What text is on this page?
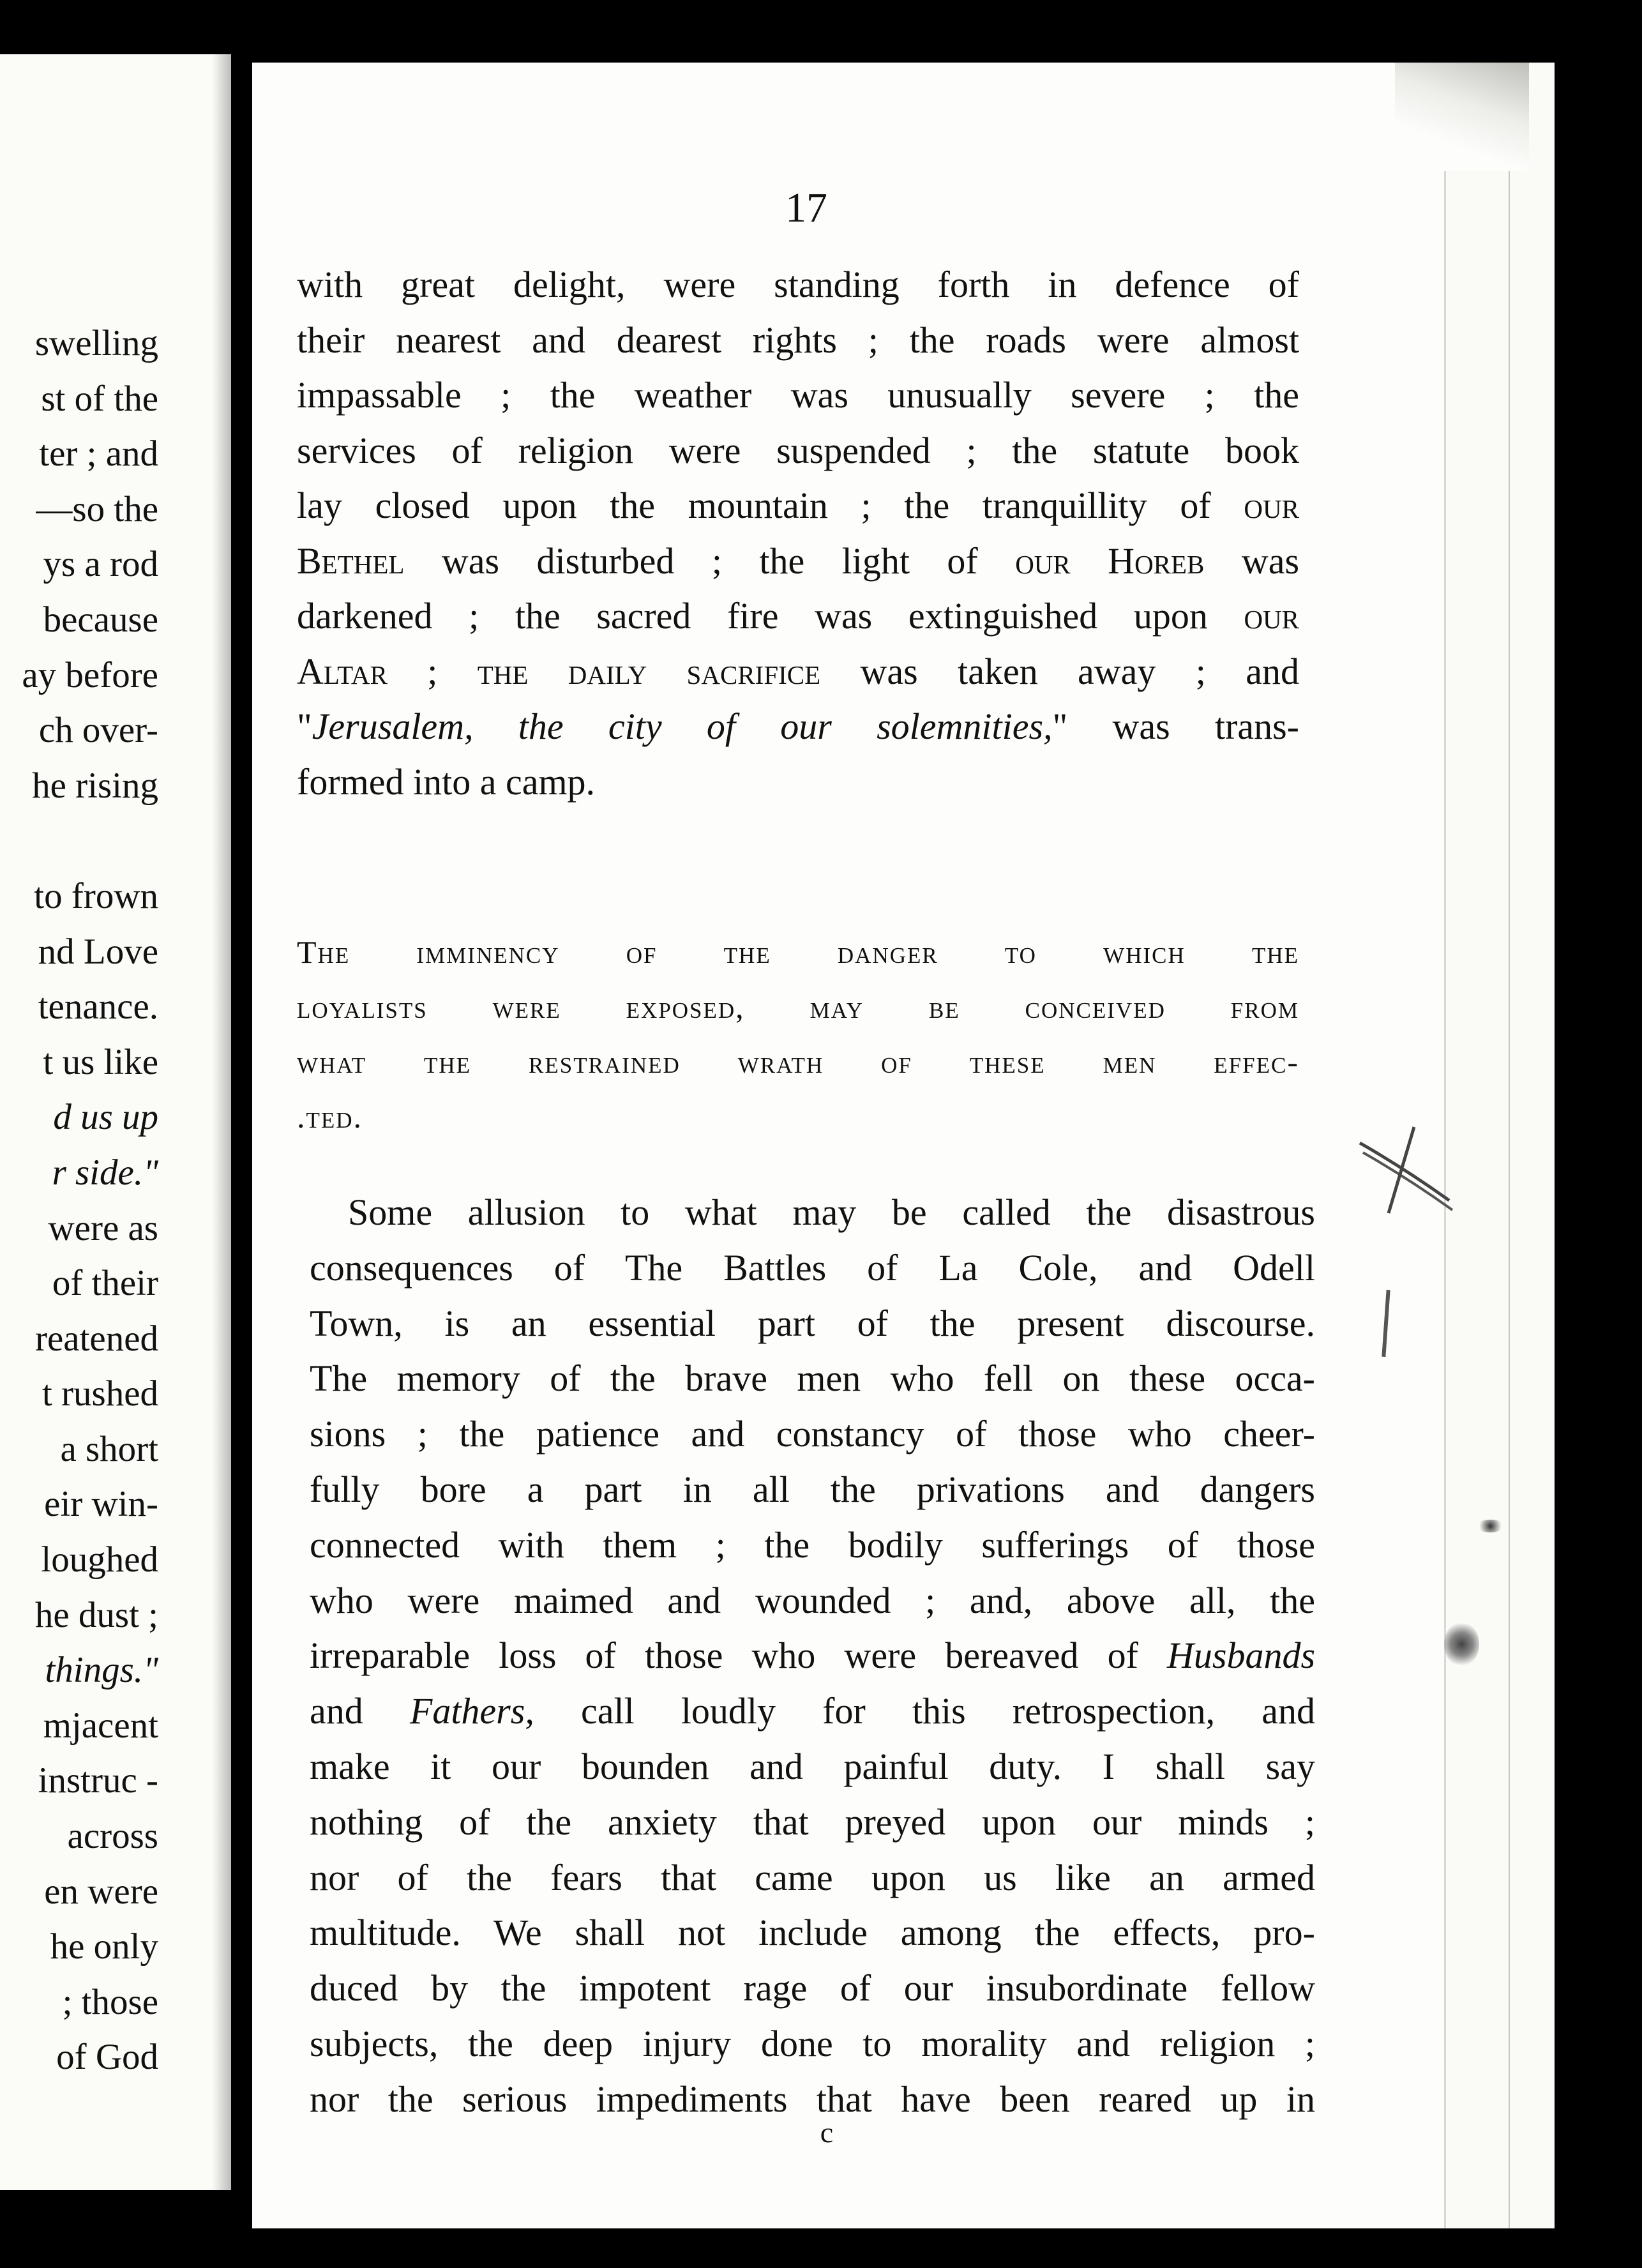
swelling
st of the
ter ; and
—so the
ys a rod
because
ay before
ch over-
he rising
to frown
nd Love
tenance.
t us like
d us up
r side."
were as
of their
reatened
t rushed
a short
eir win-
loughed
he dust ;
things."
mjacent
instruc -
across
en were
he only
; those
of God
17
with great delight, were standing forth in defence of
their nearest and dearest rights ; the roads were almost
impassable ; the weather was unusually severe ; the
services of religion were suspended ; the statute book
lay closed upon the mountain ; the tranquillity of our
Bethel was disturbed ; the light of our Horeb was
darkened ; the sacred fire was extinguished upon our
Altar ; the daily sacrifice was taken away ; and
"Jerusalem, the city of our solemnities," was trans-
formed into a camp.
The imminency of the danger to which the
loyalists were exposed, may be conceived from
what the restrained wrath of these men effec-
.ted.
Some allusion to what may be called the disastrous
consequences of The Battles of La Cole, and Odell
Town, is an essential part of the present discourse.
The memory of the brave men who fell on these occa-
sions ; the patience and constancy of those who cheer-
fully bore a part in all the privations and dangers
connected with them ; the bodily sufferings of those
who were maimed and wounded ; and, above all, the
irreparable loss of those who were bereaved of Husbands
and Fathers, call loudly for this retrospection, and
make it our bounden and painful duty. I shall say
nothing of the anxiety that preyed upon our minds ;
nor of the fears that came upon us like an armed
multitude. We shall not include among the effects, pro-
duced by the impotent rage of our insubordinate fellow
subjects, the deep injury done to morality and religion ;
nor the serious impediments that have been reared up in
c
